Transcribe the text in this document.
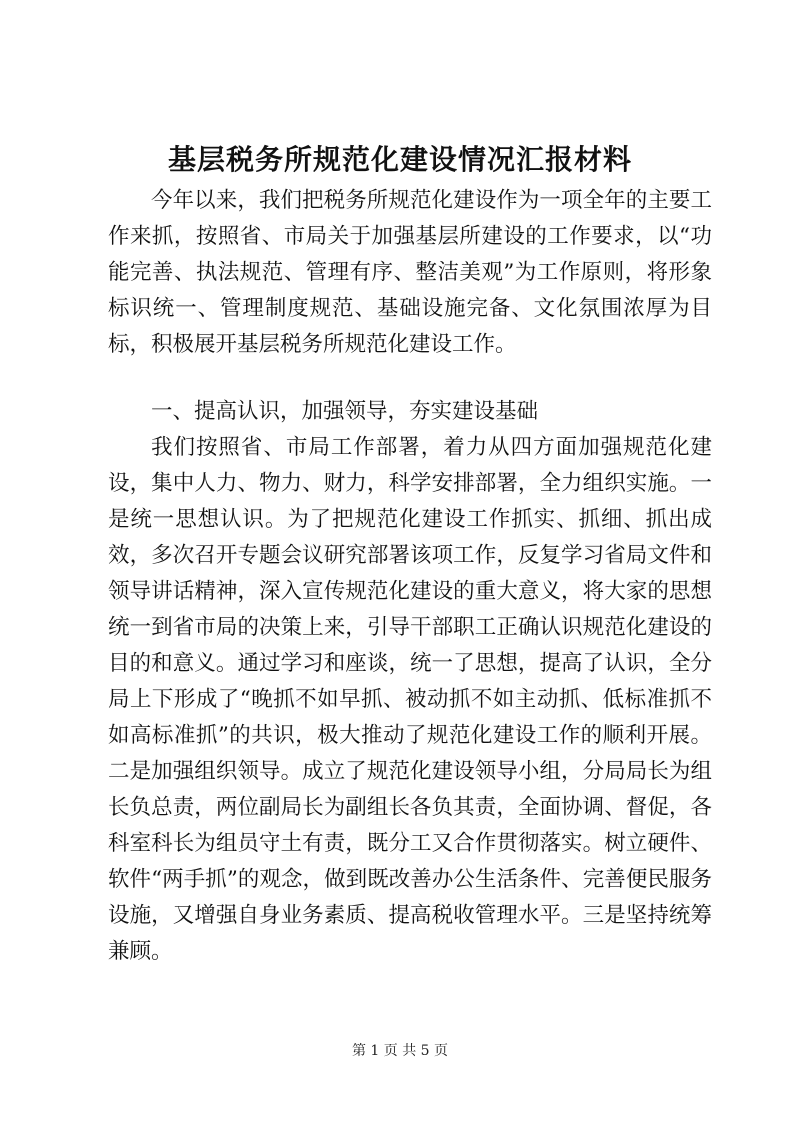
基层税务所规范化建设情况汇报材料

今年以来，我们把税务所规范化建设作为一项全年的主要工作来抓，按照省、市局关于加强基层所建设的工作要求，以“功能完善、执法规范、管理有序、整洁美观”为工作原则，将形象标识统一、管理制度规范、基础设施完备、文化氛围浓厚为目标，积极展开基层税务所规范化建设工作。

一、提高认识，加强领导，夯实建设基础

我们按照省、市局工作部署，着力从四方面加强规范化建设，集中人力、物力、财力，科学安排部署，全力组织实施。一是统一思想认识。为了把规范化建设工作抓实、抓细、抓出成效，多次召开专题会议研究部署该项工作，反复学习省局文件和领导讲话精神，深入宣传规范化建设的重大意义，将大家的思想统一到省市局的决策上来，引导干部职工正确认识规范化建设的目的和意义。通过学习和座谈，统一了思想，提高了认识，全分局上下形成了“晚抓不如早抓、被动抓不如主动抓、低标准抓不如高标准抓”的共识，极大推动了规范化建设工作的顺利开展。二是加强组织领导。成立了规范化建设领导小组，分局局长为组长负总责，两位副局长为副组长各负其责，全面协调、督促，各科室科长为组员守土有责，既分工又合作贯彻落实。树立硬件、软件“两手抓”的观念，做到既改善办公生活条件、完善便民服务设施，又增强自身业务素质、提高税收管理水平。三是坚持统筹兼顾。

第 1 页 共 5 页
